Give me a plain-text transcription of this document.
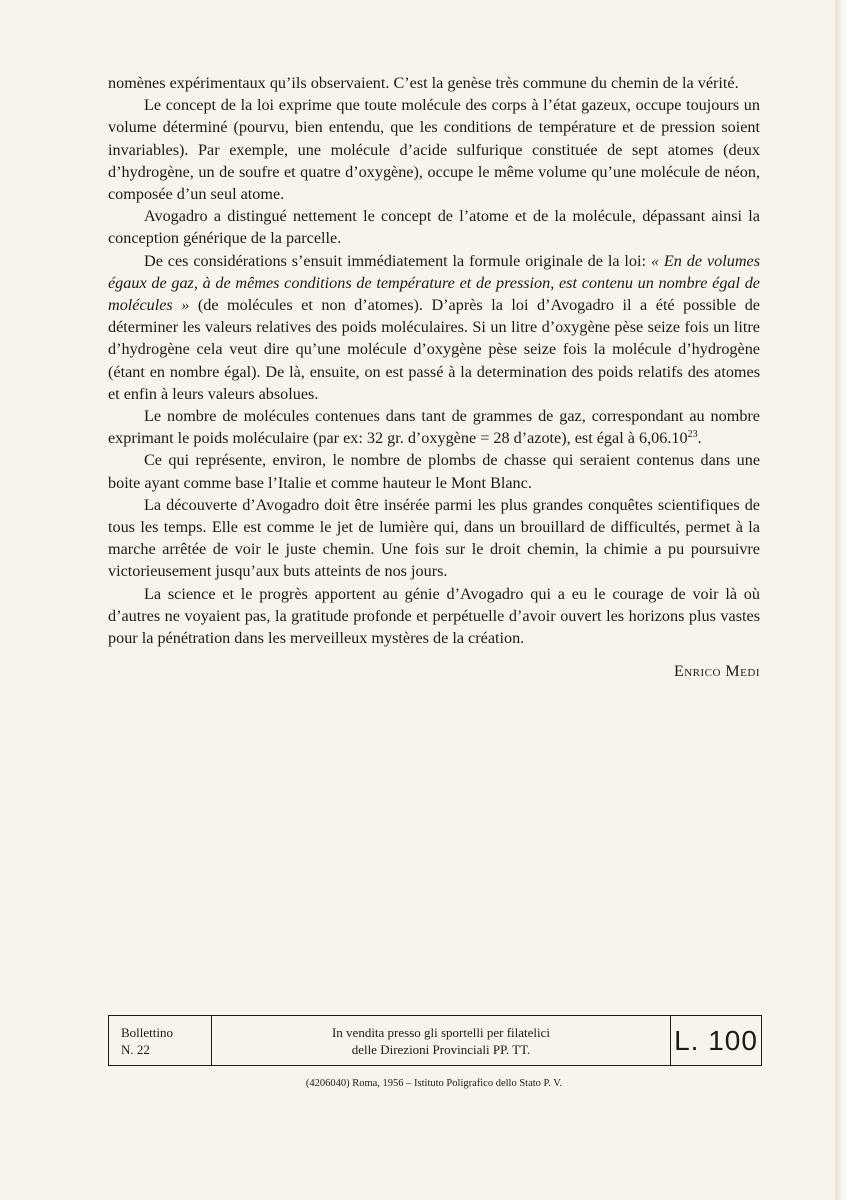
nomènes expérimentaux qu’ils observaient. C’est la genèse très commune du chemin de la vérité.

Le concept de la loi exprime que toute molécule des corps à l’état gazeux, occupe toujours un volume déterminé (pourvu, bien entendu, que les conditions de température et de pression soient invariables). Par exemple, une molécule d’acide sulfurique constituée de sept atomes (deux d’hydrogène, un de soufre et quatre d’oxygène), occupe le même volume qu’une molécule de néon, composée d’un seul atome.

Avogadro a distingué nettement le concept de l’atome et de la molécule, dépassant ainsi la conception générique de la parcelle.

De ces considérations s’ensuit immédiatement la formule originale de la loi: « En de volumes égaux de gaz, à de mêmes conditions de température et de pression, est contenu un nombre égal de molécules » (de molécules et non d’atomes). D’après la loi d’Avogadro il a été possible de déterminer les valeurs relatives des poids moléculaires. Si un litre d’oxygène pèse seize fois un litre d’hydrogène cela veut dire qu’une molécule d’oxygène pèse seize fois la molécule d’hydrogène (étant en nombre égal). De là, ensuite, on est passé à la determination des poids relatifs des atomes et enfin à leurs valeurs absolues.

Le nombre de molécules contenues dans tant de grammes de gaz, correspondant au nombre exprimant le poids moléculaire (par ex: 32 gr. d’oxygène = 28 d’azote), est égal à 6,06.10$^{23}$.

Ce qui représente, environ, le nombre de plombs de chasse qui seraient contenus dans une boite ayant comme base l’Italie et comme hauteur le Mont Blanc.

La découverte d’Avogadro doit être insérée parmi les plus grandes conquêtes scientifiques de tous les temps. Elle est comme le jet de lumière qui, dans un brouillard de difficultés, permet à la marche arrêtée de voir le juste chemin. Une fois sur le droit chemin, la chimie a pu poursuivre victorieusement jusqu’aux buts atteints de nos jours.

La science et le progrès apportent au génie d’Avogadro qui a eu le courage de voir là où d’autres ne voyaient pas, la gratitude profonde et perpétuelle d’avoir ouvert les horizons plus vastes pour la pénétration dans les merveilleux mystères de la création.

Enrico Medi
Bollettino
N. 22
In vendita presso gli sportelli per filatelici
delle Direzioni Provinciali PP. TT.	L. 100
(4206040) Roma, 1956 – Istituto Poligrafico dello Stato P. V.
